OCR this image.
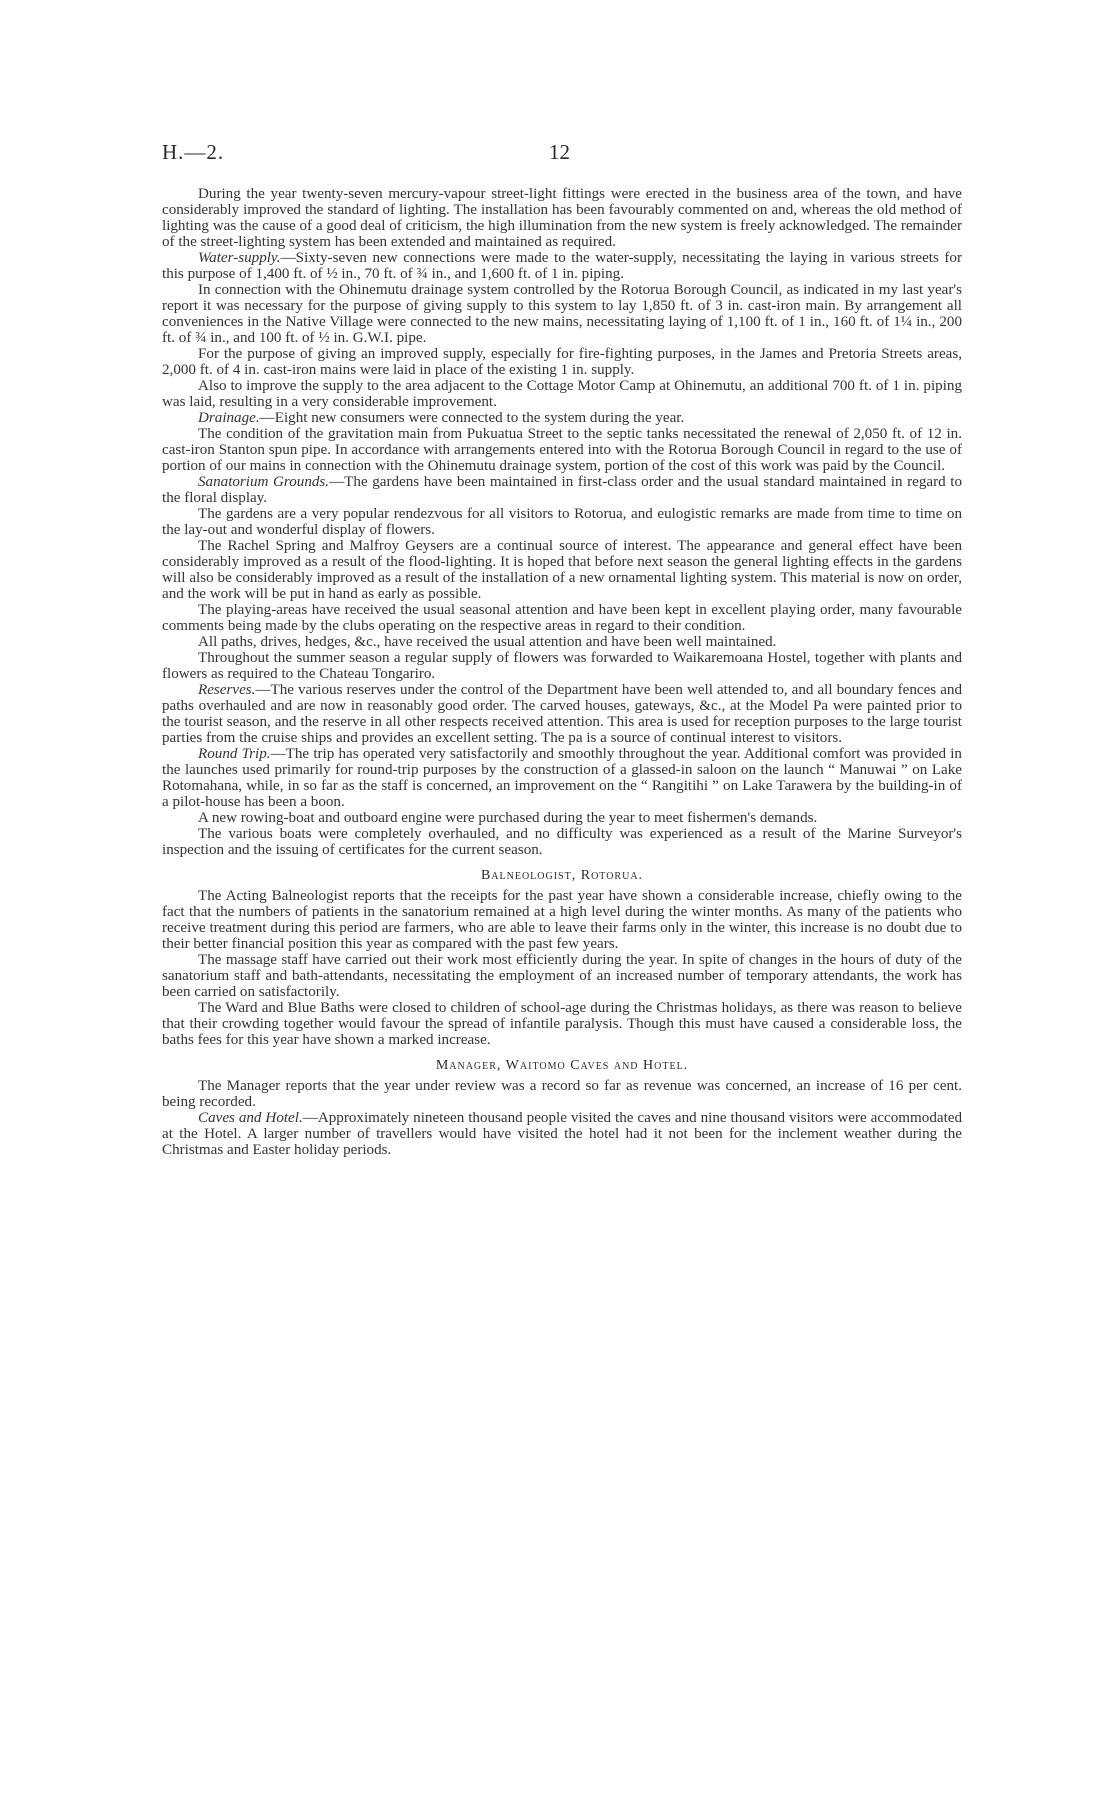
H.—2.	12

During the year twenty-seven mercury-vapour street-light fittings were erected in the business area of the town, and have considerably improved the standard of lighting. The installation has been favourably commented on and, whereas the old method of lighting was the cause of a good deal of criticism, the high illumination from the new system is freely acknowledged. The remainder of the street-lighting system has been extended and maintained as required.

Water-supply.—Sixty-seven new connections were made to the water-supply, necessitating the laying in various streets for this purpose of 1,400 ft. of ½ in., 70 ft. of ¾ in., and 1,600 ft. of 1 in. piping.

In connection with the Ohinemutu drainage system controlled by the Rotorua Borough Council, as indicated in my last year's report it was necessary for the purpose of giving supply to this system to lay 1,850 ft. of 3 in. cast-iron main. By arrangement all conveniences in the Native Village were connected to the new mains, necessitating laying of 1,100 ft. of 1 in., 160 ft. of 1¼ in., 200 ft. of ¾ in., and 100 ft. of ½ in. G.W.I. pipe.

For the purpose of giving an improved supply, especially for fire-fighting purposes, in the James and Pretoria Streets areas, 2,000 ft. of 4 in. cast-iron mains were laid in place of the existing 1 in. supply.

Also to improve the supply to the area adjacent to the Cottage Motor Camp at Ohinemutu, an additional 700 ft. of 1 in. piping was laid, resulting in a very considerable improvement.

Drainage.—Eight new consumers were connected to the system during the year.

The condition of the gravitation main from Pukuatua Street to the septic tanks necessitated the renewal of 2,050 ft. of 12 in. cast-iron Stanton spun pipe. In accordance with arrangements entered into with the Rotorua Borough Council in regard to the use of portion of our mains in connection with the Ohinemutu drainage system, portion of the cost of this work was paid by the Council.

Sanatorium Grounds.—The gardens have been maintained in first-class order and the usual standard maintained in regard to the floral display.

The gardens are a very popular rendezvous for all visitors to Rotorua, and eulogistic remarks are made from time to time on the lay-out and wonderful display of flowers.

The Rachel Spring and Malfroy Geysers are a continual source of interest. The appearance and general effect have been considerably improved as a result of the flood-lighting. It is hoped that before next season the general lighting effects in the gardens will also be considerably improved as a result of the installation of a new ornamental lighting system. This material is now on order, and the work will be put in hand as early as possible.

The playing-areas have received the usual seasonal attention and have been kept in excellent playing order, many favourable comments being made by the clubs operating on the respective areas in regard to their condition.

All paths, drives, hedges, &c., have received the usual attention and have been well maintained.

Throughout the summer season a regular supply of flowers was forwarded to Waikaremoana Hostel, together with plants and flowers as required to the Chateau Tongariro.

Reserves.—The various reserves under the control of the Department have been well attended to, and all boundary fences and paths overhauled and are now in reasonably good order. The carved houses, gateways, &c., at the Model Pa were painted prior to the tourist season, and the reserve in all other respects received attention. This area is used for reception purposes to the large tourist parties from the cruise ships and provides an excellent setting. The pa is a source of continual interest to visitors.

Round Trip.—The trip has operated very satisfactorily and smoothly throughout the year. Additional comfort was provided in the launches used primarily for round-trip purposes by the construction of a glassed-in saloon on the launch “ Manuwai ” on Lake Rotomahana, while, in so far as the staff is concerned, an improvement on the “ Rangitihi ” on Lake Tarawera by the building-in of a pilot-house has been a boon.

A new rowing-boat and outboard engine were purchased during the year to meet fishermen's demands.

The various boats were completely overhauled, and no difficulty was experienced as a result of the Marine Surveyor's inspection and the issuing of certificates for the current season.

Balneologist, Rotorua.

The Acting Balneologist reports that the receipts for the past year have shown a considerable increase, chiefly owing to the fact that the numbers of patients in the sanatorium remained at a high level during the winter months. As many of the patients who receive treatment during this period are farmers, who are able to leave their farms only in the winter, this increase is no doubt due to their better financial position this year as compared with the past few years.

The massage staff have carried out their work most efficiently during the year. In spite of changes in the hours of duty of the sanatorium staff and bath-attendants, necessitating the employment of an increased number of temporary attendants, the work has been carried on satisfactorily.

The Ward and Blue Baths were closed to children of school-age during the Christmas holidays, as there was reason to believe that their crowding together would favour the spread of infantile paralysis. Though this must have caused a considerable loss, the baths fees for this year have shown a marked increase.

Manager, Waitomo Caves and Hotel.

The Manager reports that the year under review was a record so far as revenue was concerned, an increase of 16 per cent. being recorded.

Caves and Hotel.—Approximately nineteen thousand people visited the caves and nine thousand visitors were accommodated at the Hotel. A larger number of travellers would have visited the hotel had it not been for the inclement weather during the Christmas and Easter holiday periods.
